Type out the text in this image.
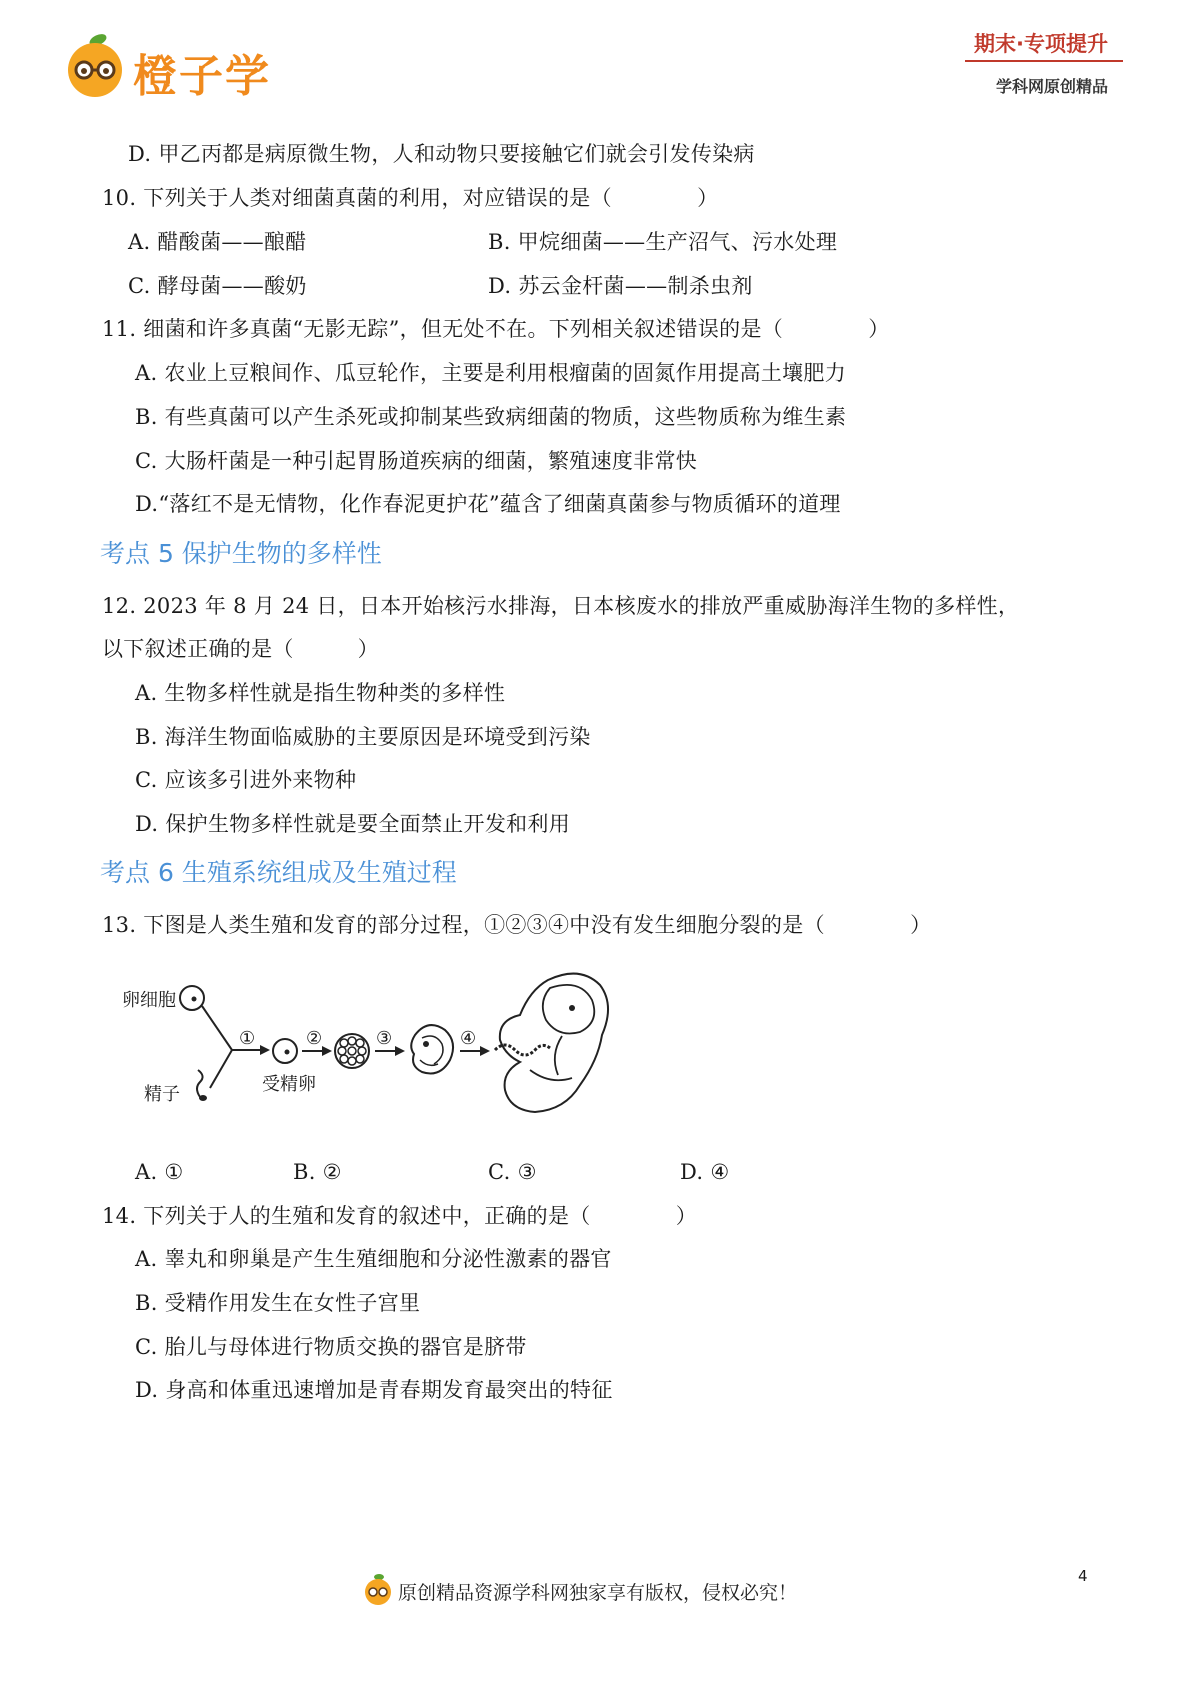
橙子学
期末·专项提升
学科网原创精品
D. 甲乙丙都是病原微生物，人和动物只要接触它们就会引发传染病
10. 下列关于人类对细菌真菌的利用，对应错误的是（　　　　）
A. 醋酸菌——酿醋	B. 甲烷细菌——生产沼气、污水处理
C. 酵母菌——酸奶	D. 苏云金杆菌——制杀虫剂
11. 细菌和许多真菌“无影无踪”，但无处不在。下列相关叙述错误的是（　　　　）
A. 农业上豆粮间作、瓜豆轮作，主要是利用根瘤菌的固氮作用提高土壤肥力
B. 有些真菌可以产生杀死或抑制某些致病细菌的物质，这些物质称为维生素
C. 大肠杆菌是一种引起胃肠道疾病的细菌，繁殖速度非常快
D.“落红不是无情物，化作春泥更护花”蕴含了细菌真菌参与物质循环的道理
考点 5 保护生物的多样性
12. 2023 年 8 月 24 日，日本开始核污水排海，日本核废水的排放严重威胁海洋生物的多样性，
以下叙述正确的是（　　　）
A. 生物多样性就是指生物种类的多样性
B. 海洋生物面临威胁的主要原因是环境受到污染
C. 应该多引进外来物种
D. 保护生物多样性就是要全面禁止开发和利用
考点 6 生殖系统组成及生殖过程
13. 下图是人类生殖和发育的部分过程，①②③④中没有发生细胞分裂的是（　　　　）
卵细胞
精子	受精卵
①	②	③	④
A. ①	B. ②	C. ③	D. ④
14. 下列关于人的生殖和发育的叙述中，正确的是（　　　　）
A. 睾丸和卵巢是产生生殖细胞和分泌性激素的器官
B. 受精作用发生在女性子宫里
C. 胎儿与母体进行物质交换的器官是脐带
D. 身高和体重迅速增加是青春期发育最突出的特征
原创精品资源学科网独家享有版权，侵权必究！
4
